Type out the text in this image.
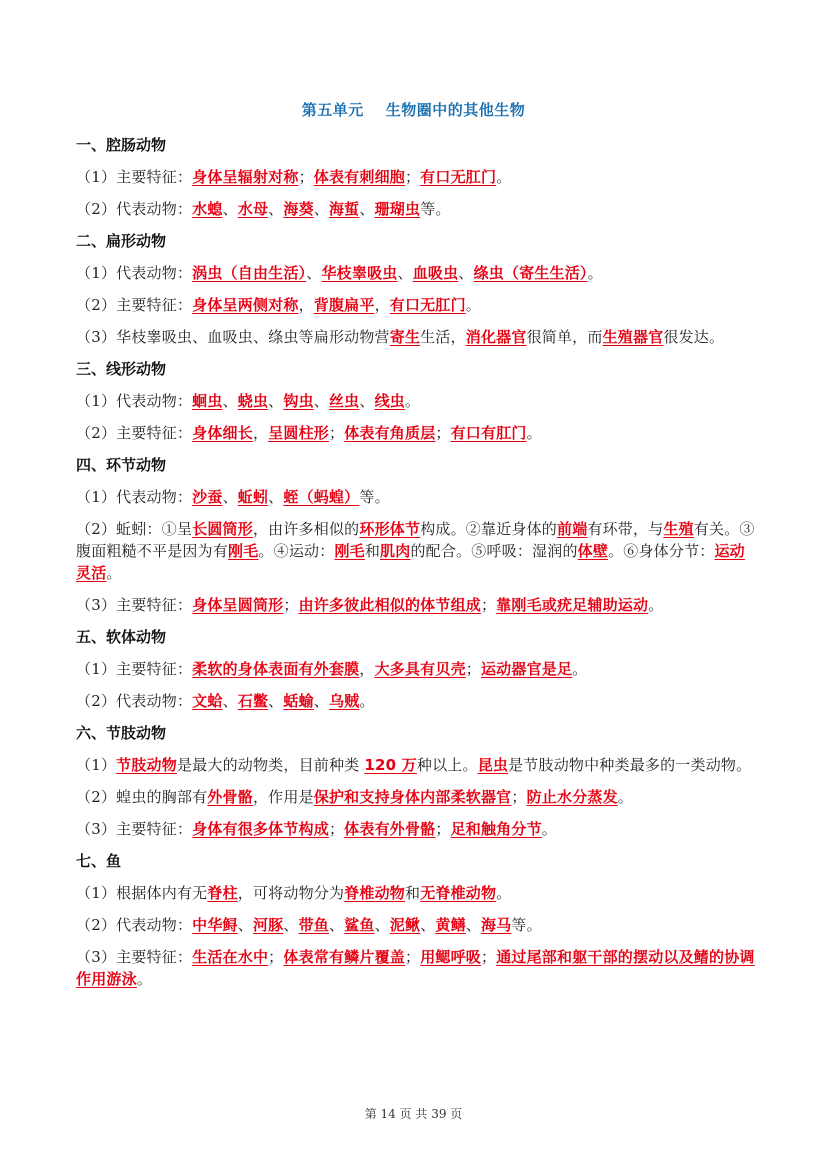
第五单元 生物圈中的其他生物
一、腔肠动物
（1）主要特征：身体呈辐射对称；体表有刺细胞；有口无肛门。
（2）代表动物：水螅、水母、海葵、海蜇、珊瑚虫等。
二、扁形动物
（1）代表动物：涡虫（自由生活）、华枝睾吸虫、血吸虫、绦虫（寄生生活）。
（2）主要特征：身体呈两侧对称，背腹扁平，有口无肛门。
（3）华枝睾吸虫、血吸虫、绦虫等扁形动物营寄生生活，消化器官很简单，而生殖器官很发达。
三、线形动物
（1）代表动物：蛔虫、蛲虫、钩虫、丝虫、线虫。
（2）主要特征：身体细长，呈圆柱形；体表有角质层；有口有肛门。
四、环节动物
（1）代表动物：沙蚕、蚯蚓、蛭（蚂蝗）等。
（2）蚯蚓：①呈长圆筒形，由许多相似的环形体节构成。②靠近身体的前端有环带，与生殖有关。③腹面粗糙不平是因为有刚毛。④运动：刚毛和肌肉的配合。⑤呼吸：湿润的体壁。⑥身体分节：运动灵活。
（3）主要特征：身体呈圆筒形；由许多彼此相似的体节组成；靠刚毛或疣足辅助运动。
五、软体动物
（1）主要特征：柔软的身体表面有外套膜，大多具有贝壳；运动器官是足。
（2）代表动物：文蛤、石鳖、蛞蝓、乌贼。
六、节肢动物
（1）节肢动物是最大的动物类，目前种类 120 万种以上。昆虫是节肢动物中种类最多的一类动物。
（2）蝗虫的胸部有外骨骼，作用是保护和支持身体内部柔软器官；防止水分蒸发。
（3）主要特征：身体有很多体节构成；体表有外骨骼；足和触角分节。
七、鱼
（1）根据体内有无脊柱，可将动物分为脊椎动物和无脊椎动物。
（2）代表动物：中华鲟、河豚、带鱼、鲨鱼、泥鳅、黄鳝、海马等。
（3）主要特征：生活在水中；体表常有鳞片覆盖；用鳃呼吸；通过尾部和躯干部的摆动以及鳍的协调作用游泳。
第 14 页 共 39 页
